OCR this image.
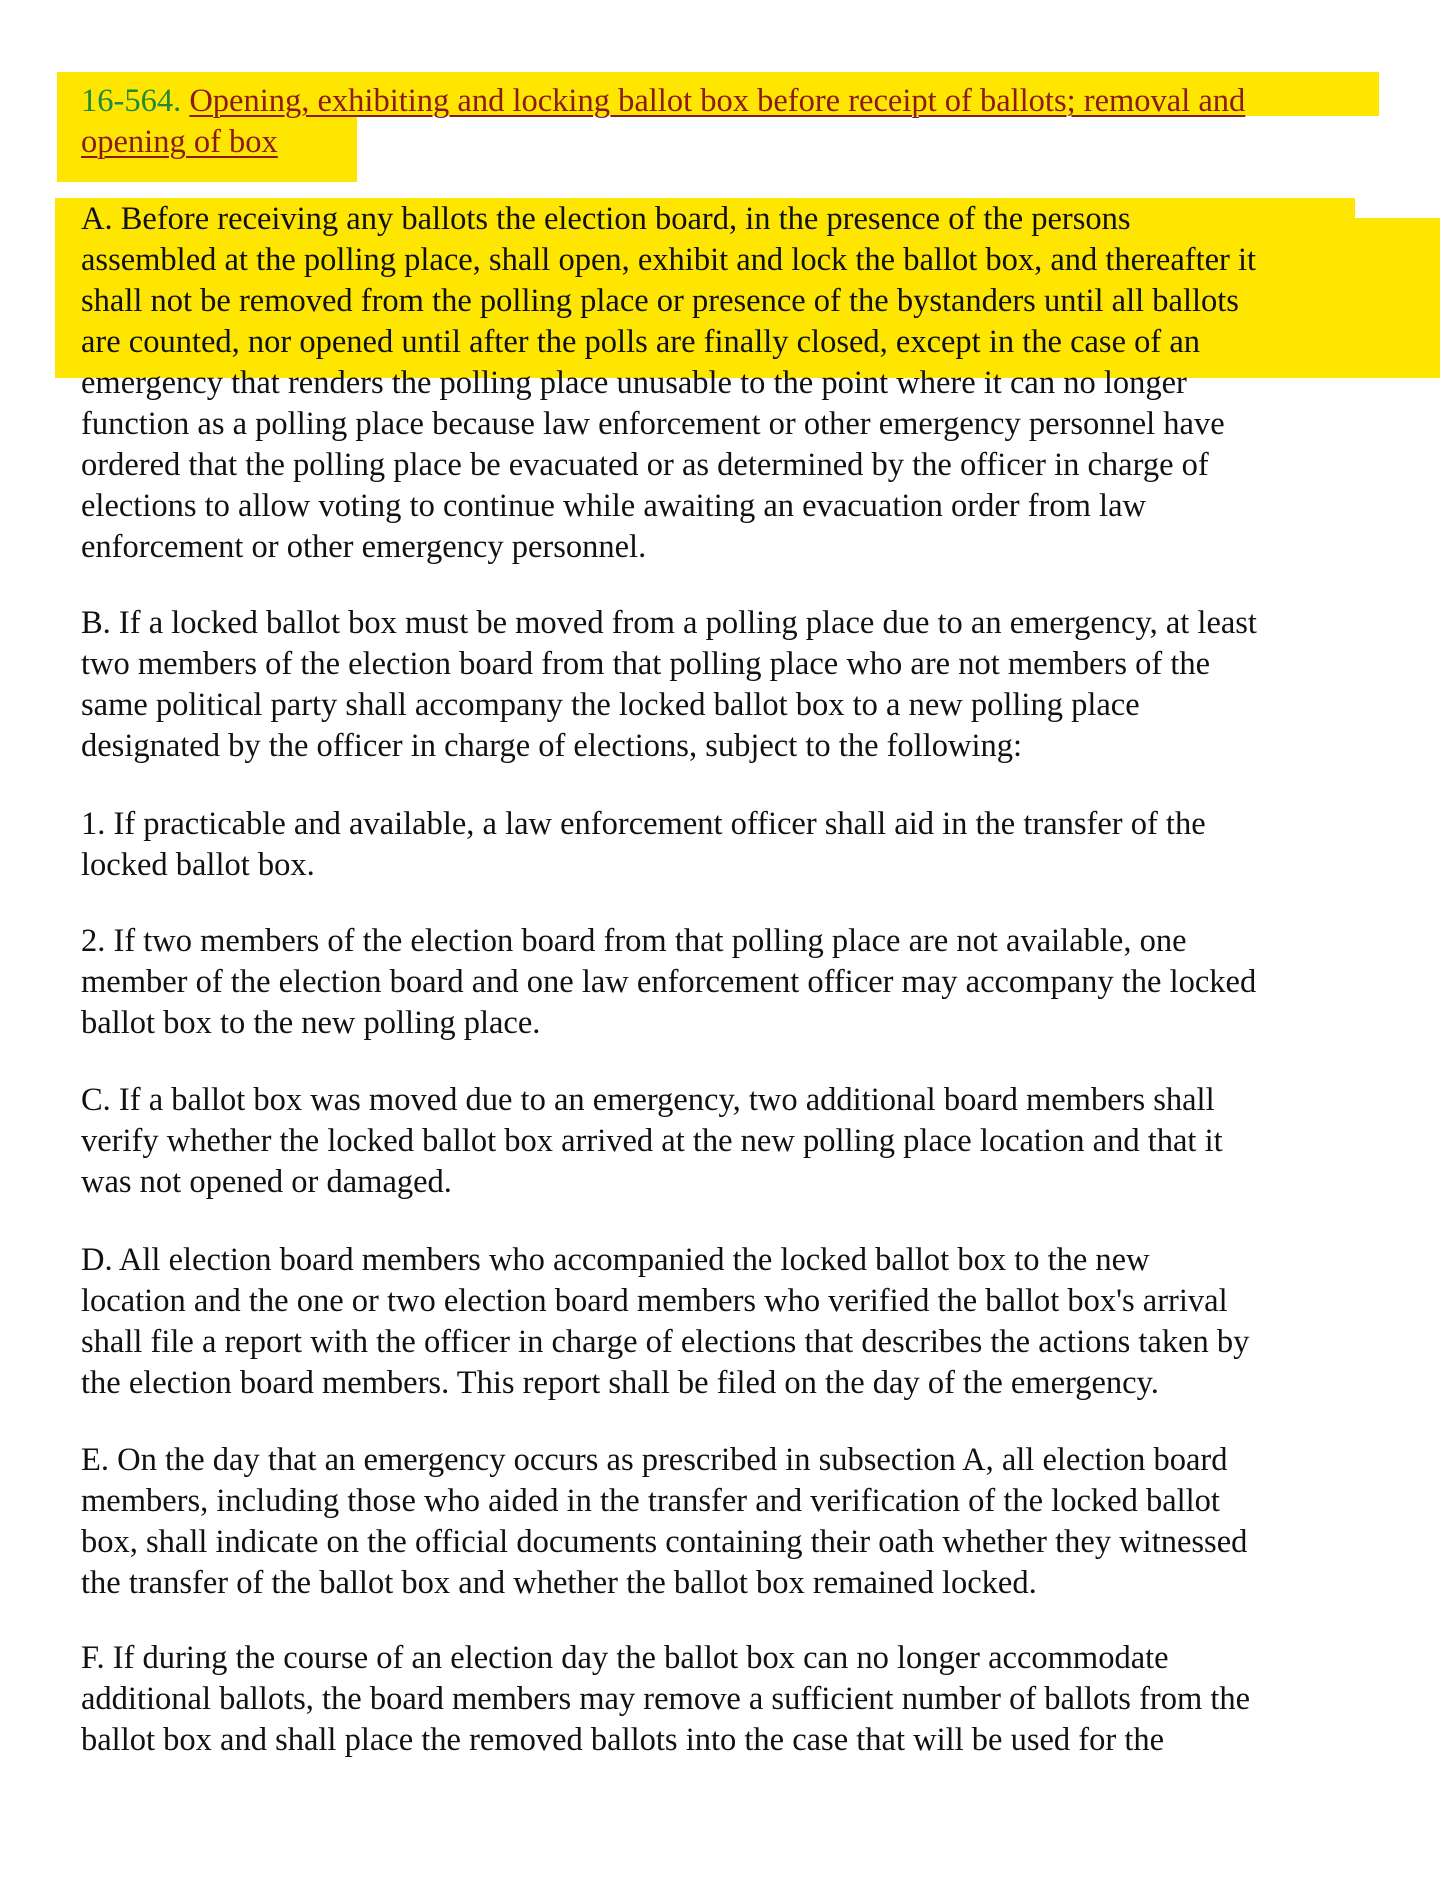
16-564. Opening, exhibiting and locking ballot box before receipt of ballots; removal and
opening of box
A. Before receiving any ballots the election board, in the presence of the persons
assembled at the polling place, shall open, exhibit and lock the ballot box, and thereafter it
shall not be removed from the polling place or presence of the bystanders until all ballots
are counted, nor opened until after the polls are finally closed, except in the case of an
emergency that renders the polling place unusable to the point where it can no longer
function as a polling place because law enforcement or other emergency personnel have
ordered that the polling place be evacuated or as determined by the officer in charge of
elections to allow voting to continue while awaiting an evacuation order from law
enforcement or other emergency personnel.
B. If a locked ballot box must be moved from a polling place due to an emergency, at least
two members of the election board from that polling place who are not members of the
same political party shall accompany the locked ballot box to a new polling place
designated by the officer in charge of elections, subject to the following:
1. If practicable and available, a law enforcement officer shall aid in the transfer of the
locked ballot box.
2. If two members of the election board from that polling place are not available, one
member of the election board and one law enforcement officer may accompany the locked
ballot box to the new polling place.
C. If a ballot box was moved due to an emergency, two additional board members shall
verify whether the locked ballot box arrived at the new polling place location and that it
was not opened or damaged.
D. All election board members who accompanied the locked ballot box to the new
location and the one or two election board members who verified the ballot box's arrival
shall file a report with the officer in charge of elections that describes the actions taken by
the election board members. This report shall be filed on the day of the emergency.
E. On the day that an emergency occurs as prescribed in subsection A, all election board
members, including those who aided in the transfer and verification of the locked ballot
box, shall indicate on the official documents containing their oath whether they witnessed
the transfer of the ballot box and whether the ballot box remained locked.
F. If during the course of an election day the ballot box can no longer accommodate
additional ballots, the board members may remove a sufficient number of ballots from the
ballot box and shall place the removed ballots into the case that will be used for the
